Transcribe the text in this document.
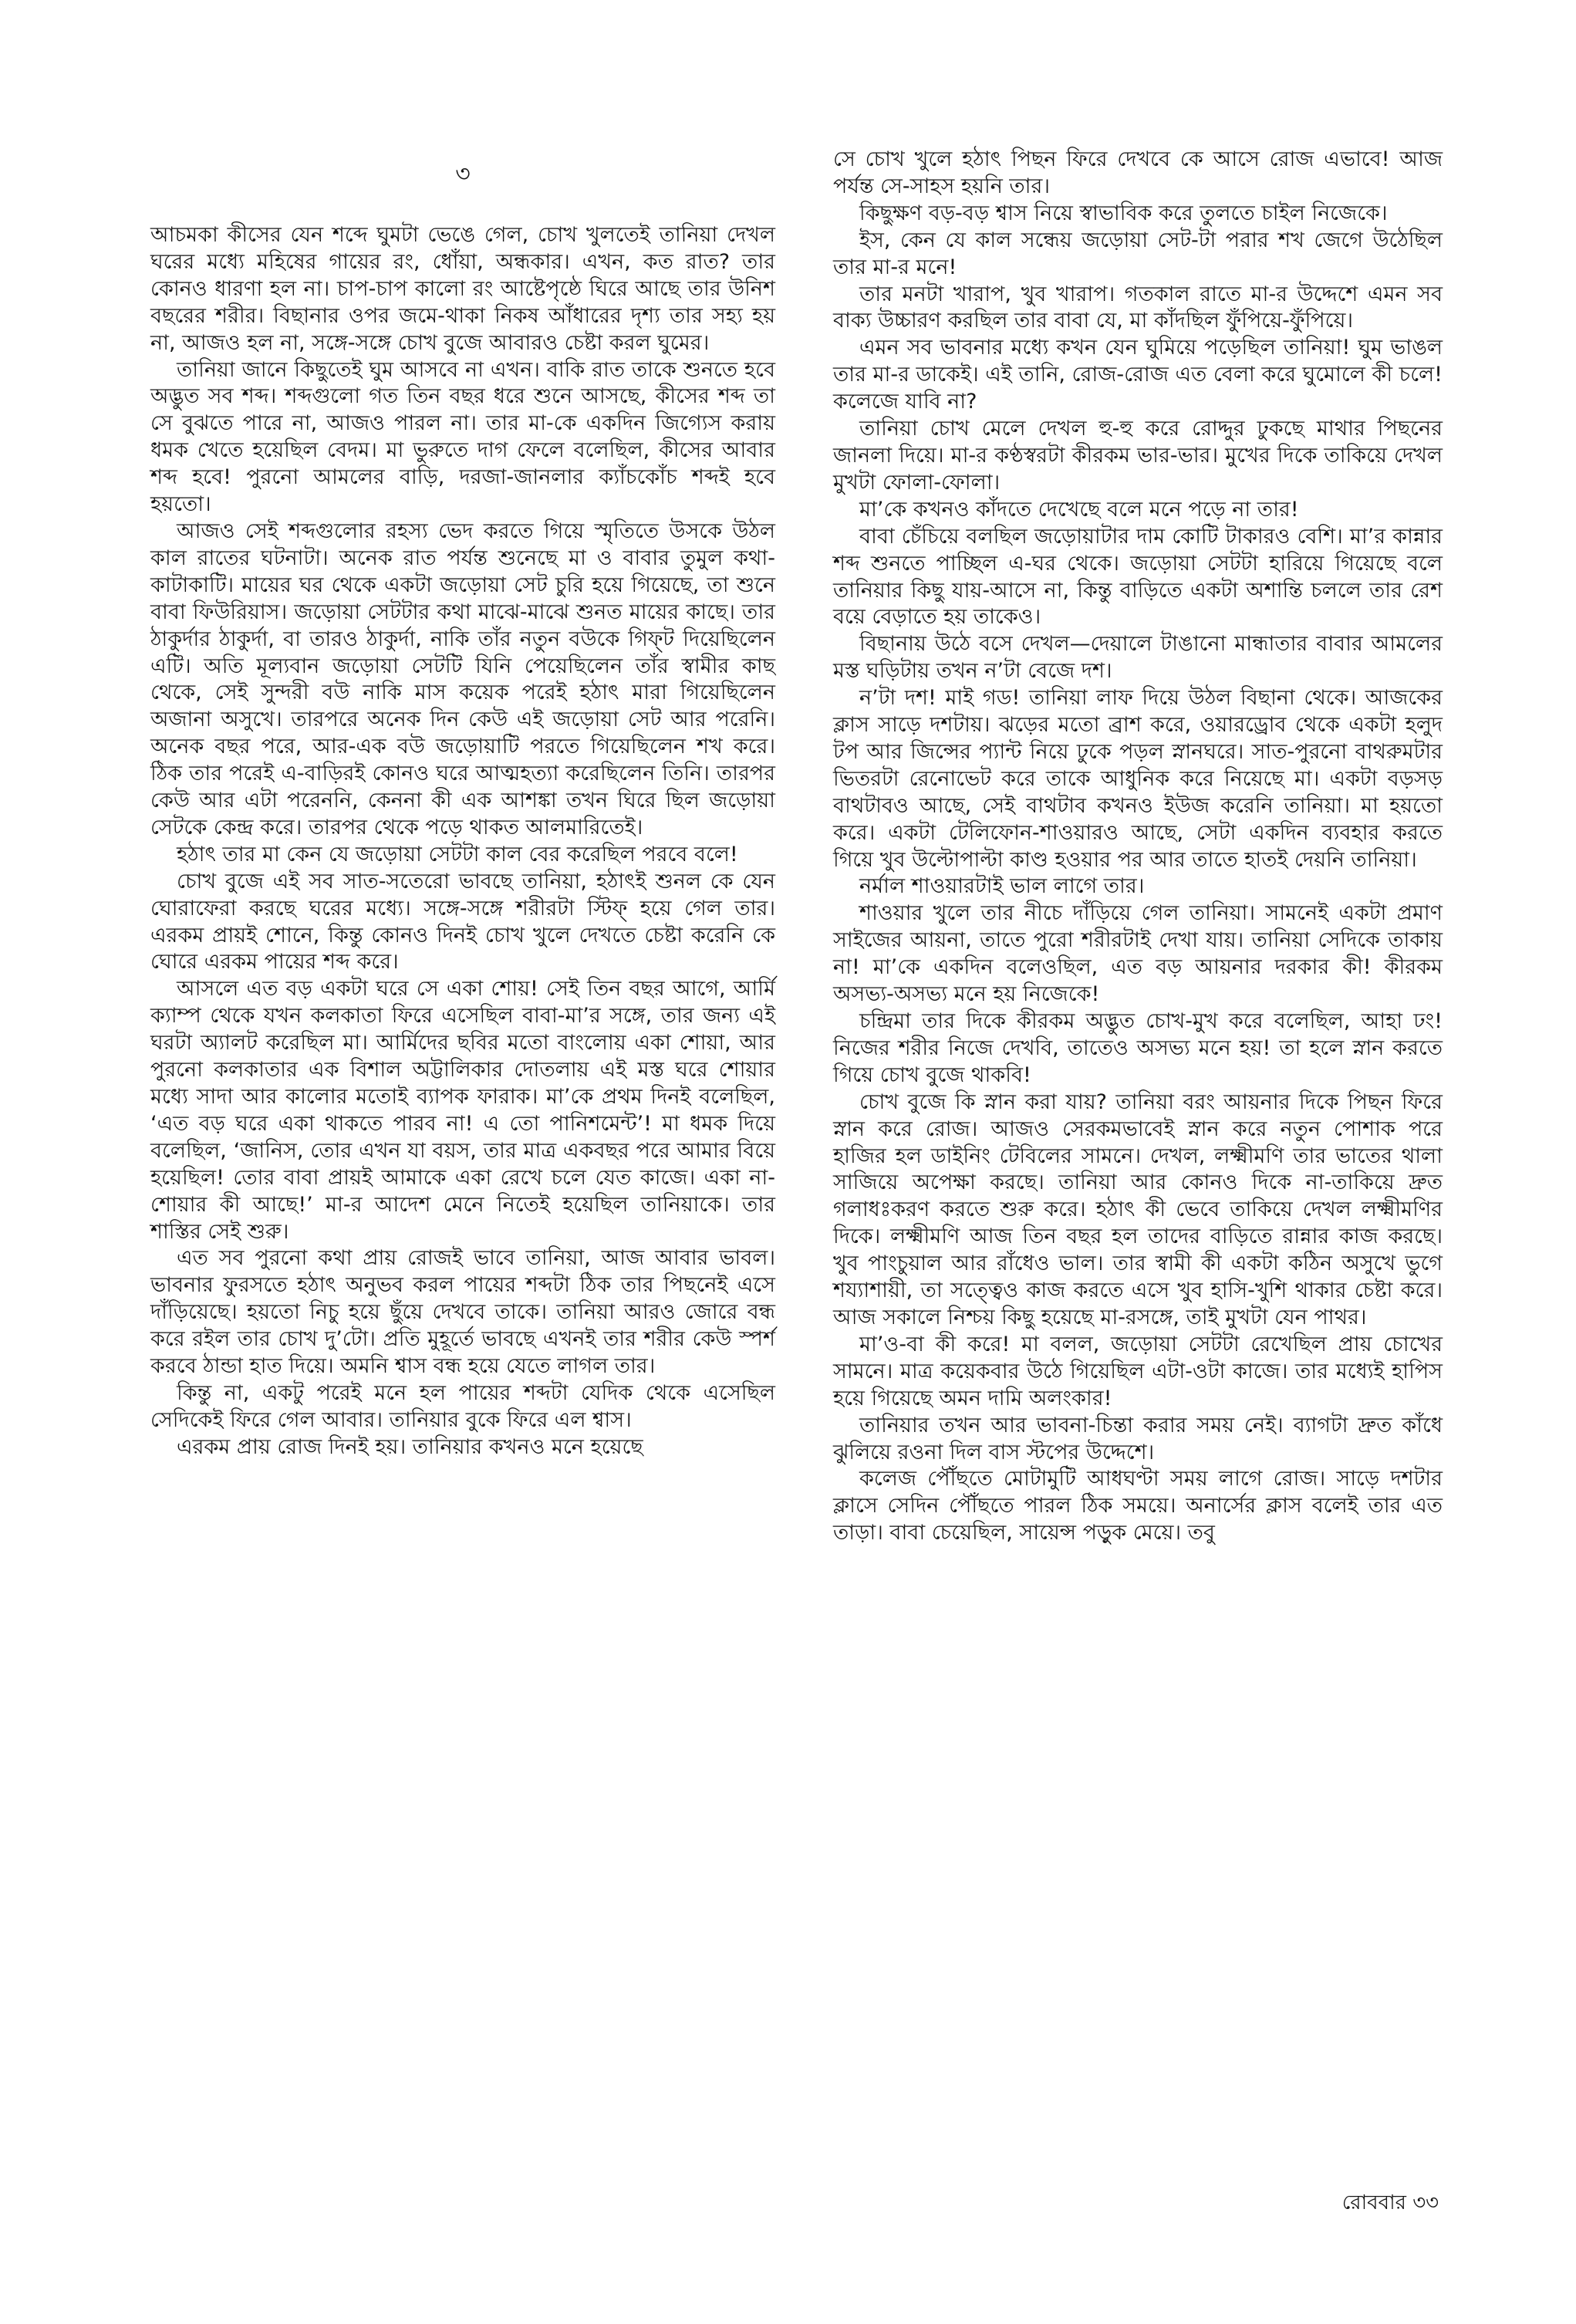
৩

আচমকা কীসের যেন শব্দে ঘুমটা ভেঙে গেল, চোখ খুলতেই তানিয়া দেখল ঘরের মধ্যে মহিষের গায়ের রং, ধোঁয়া, অন্ধকার। এখন, কত রাত? তার কোনও ধারণা হল না। চাপ-চাপ কালো রং আষ্টেপৃষ্ঠে ঘিরে আছে তার উনিশ বছরের শরীর। বিছানার ওপর জমে-থাকা নিকষ আঁধারের দৃশ্য তার সহ্য হয় না, আজও হল না, সঙ্গে-সঙ্গে চোখ বুজে আবারও চেষ্টা করল ঘুমের।

তানিয়া জানে কিছুতেই ঘুম আসবে না এখন। বাকি রাত তাকে শুনতে হবে অদ্ভুত সব শব্দ। শব্দগুলো গত তিন বছর ধরে শুনে আসছে, কীসের শব্দ তা সে বুঝতে পারে না, আজও পারল না। তার মা-কে একদিন জিগ্যেস করায় ধমক খেতে হয়েছিল বেদম। মা ভুরুতে দাগ ফেলে বলেছিল, কীসের আবার শব্দ হবে! পুরনো আমলের বাড়ি, দরজা-জানলার ক্যাঁচকোঁচ শব্দই হবে হয়তো।

আজও সেই শব্দগুলোর রহস্য ভেদ করতে গিয়ে স্মৃতিতে উসকে উঠল কাল রাতের ঘটনাটা। অনেক রাত পর্যন্ত শুনেছে মা ও বাবার তুমুল কথা-কাটাকাটি। মায়ের ঘর থেকে একটা জড়োয়া সেট চুরি হয়ে গিয়েছে, তা শুনে বাবা ফিউরিয়াস। জড়োয়া সেটটার কথা মাঝে-মাঝে শুনত মায়ের কাছে। তার ঠাকুর্দার ঠাকুর্দা, বা তারও ঠাকুর্দা, নাকি তাঁর নতুন বউকে গিফ্‌ট দিয়েছিলেন এটি। অতি মূল্যবান জড়োয়া সেটটি যিনি পেয়েছিলেন তাঁর স্বামীর কাছ থেকে, সেই সুন্দরী বউ নাকি মাস কয়েক পরেই হঠাৎ মারা গিয়েছিলেন অজানা অসুখে। তারপরে অনেক দিন কেউ এই জড়োয়া সেট আর পরেনি। অনেক বছর পরে, আর-এক বউ জড়োয়াটি পরতে গিয়েছিলেন শখ করে। ঠিক তার পরেই এ-বাড়িরই কোনও ঘরে আত্মহত্যা করেছিলেন তিনি। তারপর কেউ আর এটা পরেননি, কেননা কী এক আশঙ্কা তখন ঘিরে ছিল জড়োয়া সেটকে কেন্দ্র করে। তারপর থেকে পড়ে থাকত আলমারিতেই।

হঠাৎ তার মা কেন যে জড়োয়া সেটটা কাল বের করেছিল পরবে বলে!

চোখ বুজে এই সব সাত-সতেরো ভাবছে তানিয়া, হঠাৎই শুনল কে যেন ঘোরাফেরা করছে ঘরের মধ্যে। সঙ্গে-সঙ্গে শরীরটা স্টিফ্‌ হয়ে গেল তার। এরকম প্রায়ই শোনে, কিন্তু কোনও দিনই চোখ খুলে দেখতে চেষ্টা করেনি কে ঘোরে এরকম পায়ের শব্দ করে।

আসলে এত বড় একটা ঘরে সে একা শোয়! সেই তিন বছর আগে, আর্মি ক্যাম্প থেকে যখন কলকাতা ফিরে এসেছিল বাবা-মা’র সঙ্গে, তার জন্য এই ঘরটা অ্যালট করেছিল মা। আর্মিদের ছবির মতো বাংলোয় একা শোয়া, আর পুরনো কলকাতার এক বিশাল অট্টালিকার দোতলায় এই মস্ত ঘরে শোয়ার মধ্যে সাদা আর কালোর মতোই ব্যাপক ফারাক। মা’কে প্রথম দিনই বলেছিল, ‘এত বড় ঘরে একা থাকতে পারব না! এ তো পানিশমেন্ট’! মা ধমক দিয়ে বলেছিল, ‘জানিস, তোর এখন যা বয়স, তার মাত্র একবছর পরে আমার বিয়ে হয়েছিল! তোর বাবা প্রায়ই আমাকে একা রেখে চলে যেত কাজে। একা না-শোয়ার কী আছে!’ মা-র আদেশ মেনে নিতেই হয়েছিল তানিয়াকে। তার শাস্তির সেই শুরু।

এত সব পুরনো কথা প্রায় রোজই ভাবে তানিয়া, আজ আবার ভাবল। ভাবনার ফুরসতে হঠাৎ অনুভব করল পায়ের শব্দটা ঠিক তার পিছনেই এসে দাঁড়িয়েছে। হয়তো নিচু হয়ে ছুঁয়ে দেখবে তাকে। তানিয়া আরও জোরে বন্ধ করে রইল তার চোখ দু’টো। প্রতি মুহূর্তে ভাবছে এখনই তার শরীর কেউ স্পর্শ করবে ঠান্ডা হাত দিয়ে। অমনি শ্বাস বন্ধ হয়ে যেতে লাগল তার।

কিন্তু না, একটু পরেই মনে হল পায়ের শব্দটা যেদিক থেকে এসেছিল সেদিকেই ফিরে গেল আবার। তানিয়ার বুকে ফিরে এল শ্বাস।

এরকম প্রায় রোজ দিনই হয়। তানিয়ার কখনও মনে হয়েছে

সে চোখ খুলে হঠাৎ পিছন ফিরে দেখবে কে আসে রোজ এভাবে! আজ পর্যন্ত সে-সাহস হয়নি তার।

কিছুক্ষণ বড়-বড় শ্বাস নিয়ে স্বাভাবিক করে তুলতে চাইল নিজেকে।

ইস, কেন যে কাল সন্ধেয় জড়োয়া সেট-টা পরার শখ জেগে উঠেছিল তার মা-র মনে!

তার মনটা খারাপ, খুব খারাপ। গতকাল রাতে মা-র উদ্দেশে এমন সব বাক্য উচ্চারণ করছিল তার বাবা যে, মা কাঁদছিল ফুঁপিয়ে-ফুঁপিয়ে।

এমন সব ভাবনার মধ্যে কখন যেন ঘুমিয়ে পড়েছিল তানিয়া! ঘুম ভাঙল তার মা-র ডাকেই। এই তানি, রোজ-রোজ এত বেলা করে ঘুমোলে কী চলে! কলেজে যাবি না?

তানিয়া চোখ মেলে দেখল হু-হু করে রোদ্দুর ঢুকছে মাথার পিছনের জানলা দিয়ে। মা-র কণ্ঠস্বরটা কীরকম ভার-ভার। মুখের দিকে তাকিয়ে দেখল মুখটা ফোলা-ফোলা।

মা’কে কখনও কাঁদতে দেখেছে বলে মনে পড়ে না তার!

বাবা চেঁচিয়ে বলছিল জড়োয়াটার দাম কোটি টাকারও বেশি। মা’র কান্নার শব্দ শুনতে পাচ্ছিল এ-ঘর থেকে। জড়োয়া সেটটা হারিয়ে গিয়েছে বলে তানিয়ার কিছু যায়-আসে না, কিন্তু বাড়িতে একটা অশান্তি চললে তার রেশ বয়ে বেড়াতে হয় তাকেও।

বিছানায় উঠে বসে দেখল—দেয়ালে টাঙানো মান্ধাতার বাবার আমলের মস্ত ঘড়িটায় তখন ন’টা বেজে দশ।

ন’টা দশ! মাই গড! তানিয়া লাফ দিয়ে উঠল বিছানা থেকে। আজকের ক্লাস সাড়ে দশটায়। ঝড়ের মতো ব্রাশ করে, ওয়ারড্রোব থেকে একটা হলুদ টপ আর জিন্সের প্যান্ট নিয়ে ঢুকে পড়ল স্নানঘরে। সাত-পুরনো বাথরুমটার ভিতরটা রেনোভেট করে তাকে আধুনিক করে নিয়েছে মা। একটা বড়সড় বাথটাবও আছে, সেই বাথটাব কখনও ইউজ করেনি তানিয়া। মা হয়তো করে। একটা টেলিফোন-শাওয়ারও আছে, সেটা একদিন ব্যবহার করতে গিয়ে খুব উল্টোপাল্টা কাণ্ড হওয়ার পর আর তাতে হাতই দেয়নি তানিয়া।

নর্মাল শাওয়ারটাই ভাল লাগে তার।

শাওয়ার খুলে তার নীচে দাঁড়িয়ে গেল তানিয়া। সামনেই একটা প্রমাণ সাইজের আয়না, তাতে পুরো শরীরটাই দেখা যায়। তানিয়া সেদিকে তাকায় না! মা’কে একদিন বলেওছিল, এত বড় আয়নার দরকার কী! কীরকম অসভ্য-অসভ্য মনে হয় নিজেকে!

চন্দ্রিমা তার দিকে কীরকম অদ্ভুত চোখ-মুখ করে বলেছিল, আহা ঢং! নিজের শরীর নিজে দেখবি, তাতেও অসভ্য মনে হয়! তা হলে স্নান করতে গিয়ে চোখ বুজে থাকবি!

চোখ বুজে কি স্নান করা যায়? তানিয়া বরং আয়নার দিকে পিছন ফিরে স্নান করে রোজ। আজও সেরকমভাবেই স্নান করে নতুন পোশাক পরে হাজির হল ডাইনিং টেবিলের সামনে। দেখল, লক্ষ্মীমণি তার ভাতের থালা সাজিয়ে অপেক্ষা করছে। তানিয়া আর কোনও দিকে না-তাকিয়ে দ্রুত গলাধঃকরণ করতে শুরু করে। হঠাৎ কী ভেবে তাকিয়ে দেখল লক্ষ্মীমণির দিকে। লক্ষ্মীমণি আজ তিন বছর হল তাদের বাড়িতে রান্নার কাজ করছে। খুব পাংচুয়াল আর রাঁধেও ভাল। তার স্বামী কী একটা কঠিন অসুখে ভুগে শয্যাশায়ী, তা সত্ত্বেও কাজ করতে এসে খুব হাসি-খুশি থাকার চেষ্টা করে। আজ সকালে নিশ্চয় কিছু হয়েছে মা-রসঙ্গে, তাই মুখটা যেন পাথর।

মা’ও-বা কী করে! মা বলল, জড়োয়া সেটটা রেখেছিল প্রায় চোখের সামনে। মাত্র কয়েকবার উঠে গিয়েছিল এটা-ওটা কাজে। তার মধ্যেই হাপিস হয়ে গিয়েছে অমন দামি অলংকার!

তানিয়ার তখন আর ভাবনা-চিন্তা করার সময় নেই। ব্যাগটা দ্রুত কাঁধে ঝুলিয়ে রওনা দিল বাস স্টপের উদ্দেশে।

কলেজ পৌঁছতে মোটামুটি আধঘণ্টা সময় লাগে রোজ। সাড়ে দশটার ক্লাসে সেদিন পৌঁছতে পারল ঠিক সময়ে। অনার্সের ক্লাস বলেই তার এত তাড়া। বাবা চেয়েছিল, সায়েন্স পড়ুক মেয়ে। তবু

রোববার ৩৩
